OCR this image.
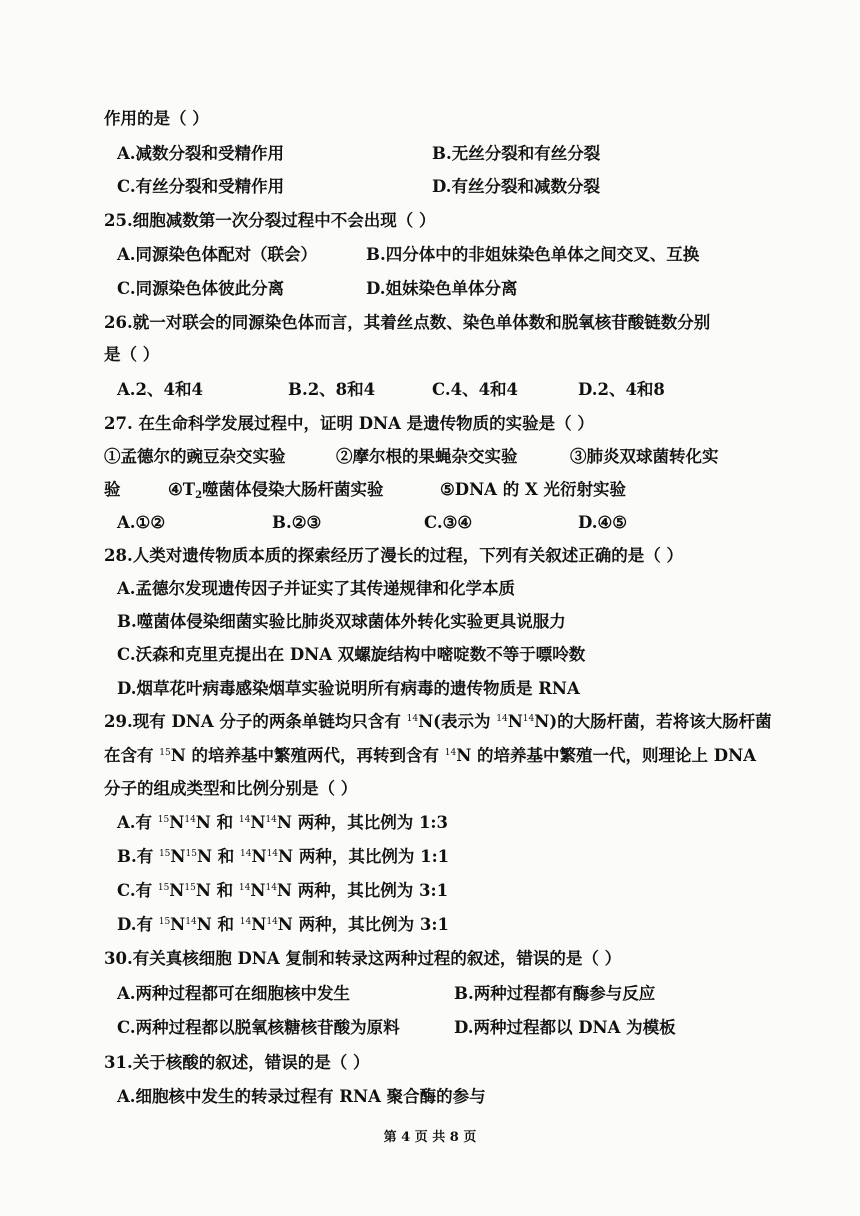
作用的是（ ）
A.减数分裂和受精作用	B.无丝分裂和有丝分裂
C.有丝分裂和受精作用	D.有丝分裂和减数分裂
25.细胞减数第一次分裂过程中不会出现（ ）
A.同源染色体配对（联会）	B.四分体中的非姐妹染色单体之间交叉、互换
C.同源染色体彼此分离	D.姐妹染色单体分离
26.就一对联会的同源染色体而言，其着丝点数、染色单体数和脱氧核苷酸链数分别
是（ ）
A.2、4和4	B.2、8和4	C.4、4和4	D.2、4和8
27. 在生命科学发展过程中，证明 DNA 是遗传物质的实验是（ ）
①孟德尔的豌豆杂交实验	②摩尔根的果蝇杂交实验	③肺炎双球菌转化实
验	$④T_2$噬菌体侵染大肠杆菌实验	⑤DNA 的 X 光衍射实验
A.①②	B.②③	C.③④	D.④⑤
28.人类对遗传物质本质的探索经历了漫长的过程，下列有关叙述正确的是（ ）
A.孟德尔发现遗传因子并证实了其传递规律和化学本质
B.噬菌体侵染细菌实验比肺炎双球菌体外转化实验更具说服力
C.沃森和克里克提出在 DNA 双螺旋结构中嘧啶数不等于嘌呤数
D.烟草花叶病毒感染烟草实验说明所有病毒的遗传物质是 RNA
29.现有 DNA 分子的两条单链均只含有 $^{14}$N(表示为 $^{14}N^{14}N$)的大肠杆菌，若将该大肠杆菌
在含有 $^{15}$N 的培养基中繁殖两代，再转到含有 $^{14}$N 的培养基中繁殖一代，则理论上 DNA
分子的组成类型和比例分别是（ ）
A.有 $^{15}N^{14}N$ 和 $^{14}N^{14}N$ 两种，其比例为 1:3
B.有 $^{15}N^{15}N$ 和 $^{14}N^{14}N$ 两种，其比例为 1:1
C.有 $^{15}N^{15}N$ 和 $^{14}N^{14}N$ 两种，其比例为 3:1
D.有 $^{15}N^{14}N$ 和 $^{14}N^{14}N$ 两种，其比例为 3:1
30.有关真核细胞 DNA 复制和转录这两种过程的叙述，错误的是（ ）
A.两种过程都可在细胞核中发生	B.两种过程都有酶参与反应
C.两种过程都以脱氧核糖核苷酸为原料	D.两种过程都以 DNA 为模板
31.关于核酸的叙述，错误的是（ ）
A.细胞核中发生的转录过程有 RNA 聚合酶的参与
第 4 页 共 8 页
